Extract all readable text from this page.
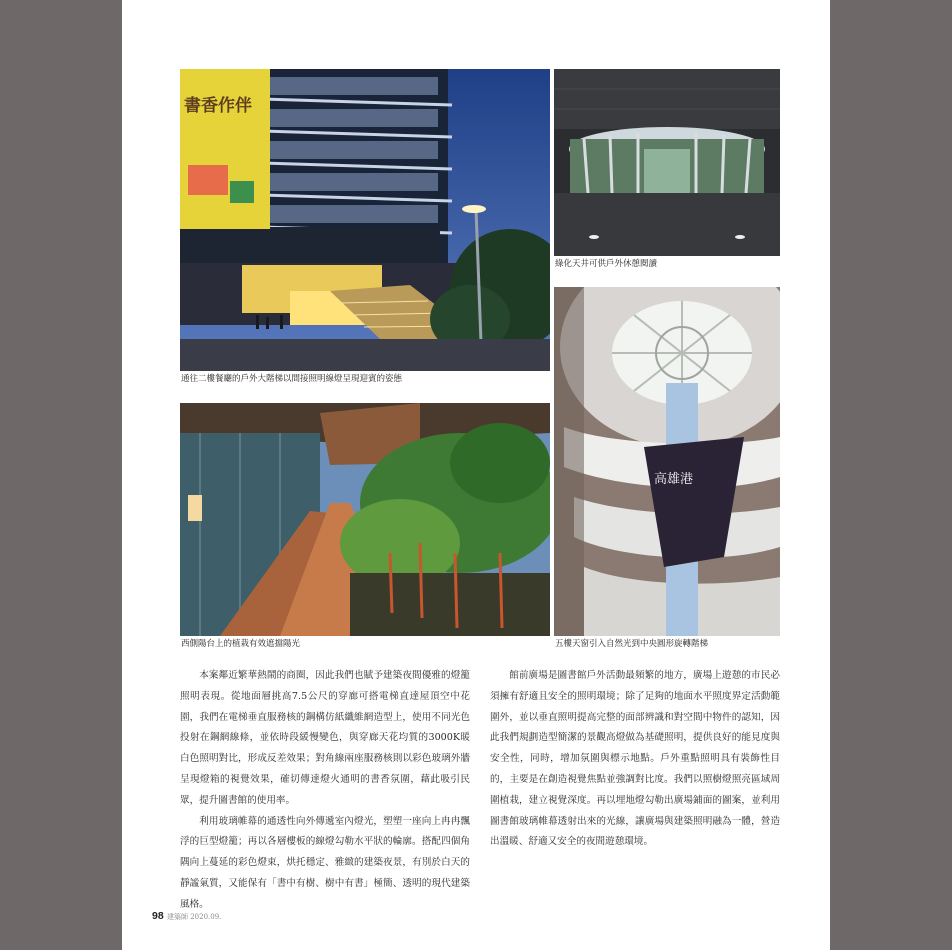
書香作伴
通往二樓餐廳的戶外大階梯以間接照明線燈呈現迎賓的姿態
綠化天井可供戶外休憩閱讀
西側陽台上的植栽有效遮擋陽光
高雄港
五樓天窗引入自然光到中央圓形旋轉階梯

本案鄰近繁華熱鬧的商圈，因此我們也賦予建築夜間優雅的燈籠照明表現。從地面層挑高7.5公尺的穿廊可搭電梯直達屋頂空中花園，我們在電梯垂直服務核的鋼構仿紙纖維網造型上，使用不同光色投射在鋼網線條，並依時段緩慢變色，與穿廊天花均質的3000K暖白色照明對比，形成反差效果；對角線兩座服務核則以彩色玻璃外牆呈現燈箱的視覺效果，確切傳達燈火通明的書香氛圍，藉此吸引民眾，提升圖書館的使用率。

利用玻璃帷幕的通透性向外傳遞室內燈光，塑塑一座向上冉冉飄浮的巨型燈籠；再以各層樓板的線燈勾勒水平狀的輪廓。搭配四個角隅向上蔓延的彩色燈束，烘托穩定、雅緻的建築夜景，有別於白天的靜謐氣質，又能保有「書中有樹、樹中有書」極簡、透明的現代建築風格。

館前廣場是圖書館戶外活動最頻繁的地方，廣場上遊憩的市民必須擁有舒適且安全的照明環境；除了足夠的地面水平照度界定活動範圍外，並以垂直照明提高完整的面部辨識和對空間中物件的認知，因此我們規劃造型簡潔的景觀高燈做為基礎照明，提供良好的能見度與安全性，同時，增加氛圍與標示地點。戶外重點照明具有裝飾性目的，主要是在創造視覺焦點並強調對比度。我們以照樹燈照亮區域周圍植栽，建立視覺深度。再以埋地燈勾勒出廣場鋪面的圖案，並利用圖書館玻璃帷幕透射出來的光線，讓廣場與建築照明融為一體，營造出溫暖、舒適又安全的夜間遊憩環境。

98 建築師 2020.09.
